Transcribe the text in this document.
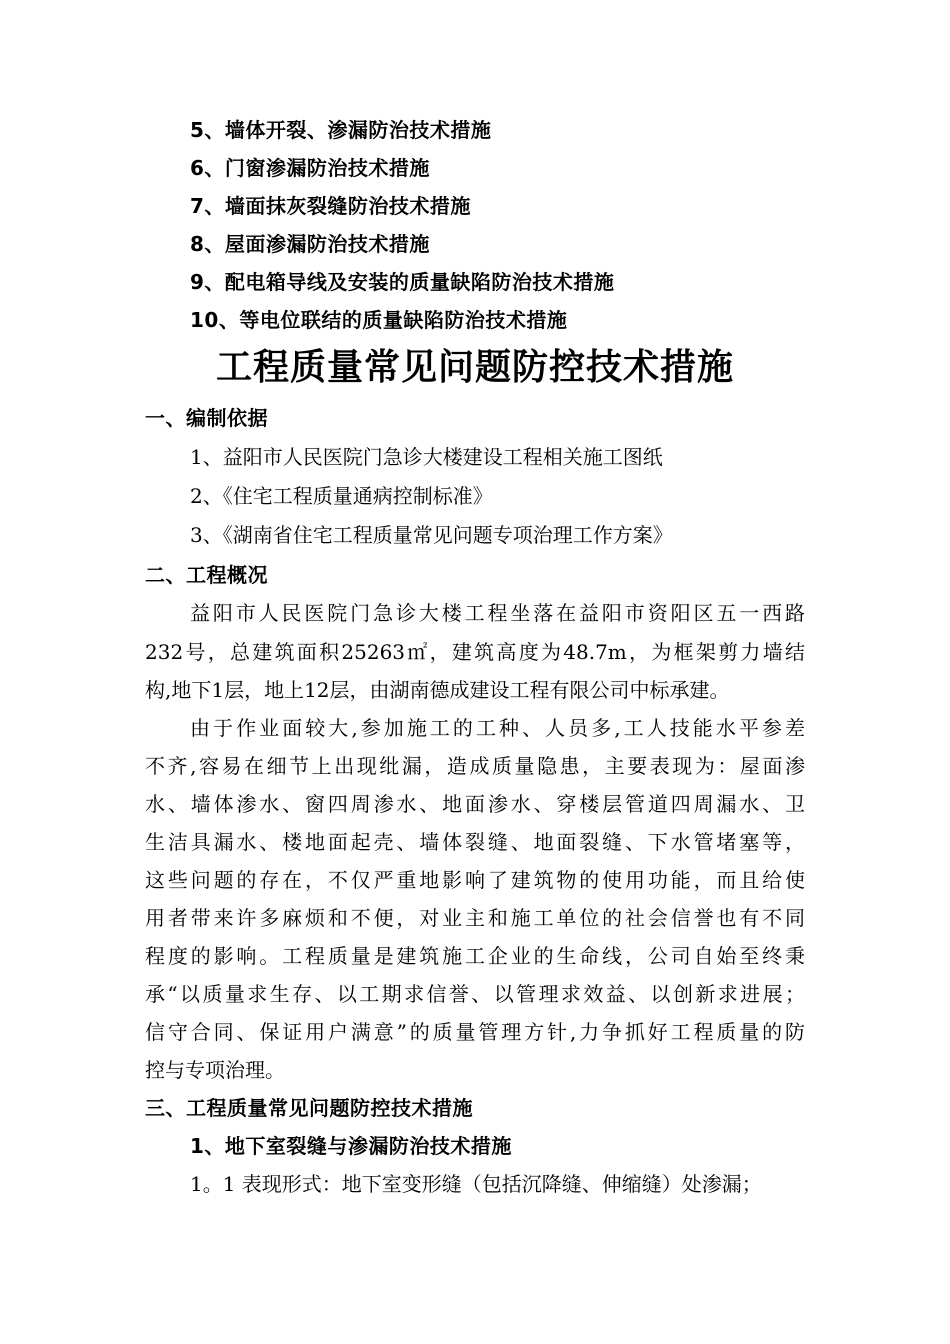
5、墙体开裂、渗漏防治技术措施
6、门窗渗漏防治技术措施
7、墙面抹灰裂缝防治技术措施
8、屋面渗漏防治技术措施
9、配电箱导线及安装的质量缺陷防治技术措施
10、等电位联结的质量缺陷防治技术措施
工程质量常见问题防控技术措施
一、编制依据
1、益阳市人民医院门急诊大楼建设工程相关施工图纸
2、《住宅工程质量通病控制标准》
3、《湖南省住宅工程质量常见问题专项治理工作方案》
二、工程概况
益阳市人民医院门急诊大楼工程坐落在益阳市资阳区五一西路
232号，总建筑面积25263㎡，建筑高度为48.7m，为框架剪力墙结
构,地下1层，地上12层，由湖南德成建设工程有限公司中标承建。
由于作业面较大,参加施工的工种、人员多,工人技能水平参差
不齐,容易在细节上出现纰漏，造成质量隐患，主要表现为：屋面渗
水、墙体渗水、窗四周渗水、地面渗水、穿楼层管道四周漏水、卫
生洁具漏水、楼地面起壳、墙体裂缝、地面裂缝、下水管堵塞等，
这些问题的存在，不仅严重地影响了建筑物的使用功能，而且给使
用者带来许多麻烦和不便，对业主和施工单位的社会信誉也有不同
程度的影响。工程质量是建筑施工企业的生命线，公司自始至终秉
承“以质量求生存、以工期求信誉、以管理求效益、以创新求进展；
信守合同、保证用户满意”的质量管理方针,力争抓好工程质量的防
控与专项治理。
三、工程质量常见问题防控技术措施
1、地下室裂缝与渗漏防治技术措施
1。1 表现形式：地下室变形缝（包括沉降缝、伸缩缝）处渗漏；
